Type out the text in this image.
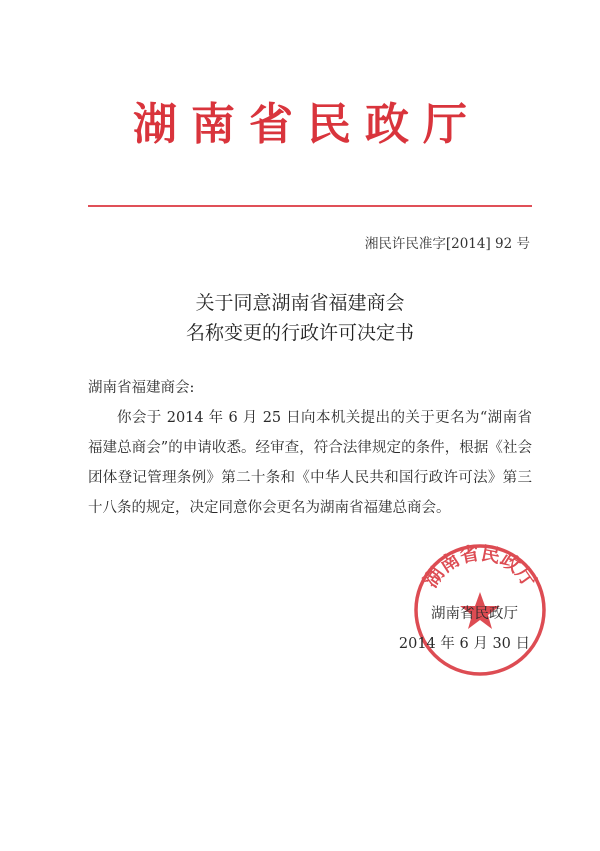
湖南省民政厅
湘民许民准字[2014] 92 号
关于同意湖南省福建商会
名称变更的行政许可决定书
湖南省福建商会:

你会于 2014 年 6 月 25 日向本机关提出的关于更名为“湖南省福建总商会”的申请收悉。经审查，符合法律规定的条件，根据《社会团体登记管理条例》第二十条和《中华人民共和国行政许可法》第三十八条的规定，决定同意你会更名为湖南省福建总商会。

湖南省民政厅
湖南省民政厅
2014 年 6 月 30 日
